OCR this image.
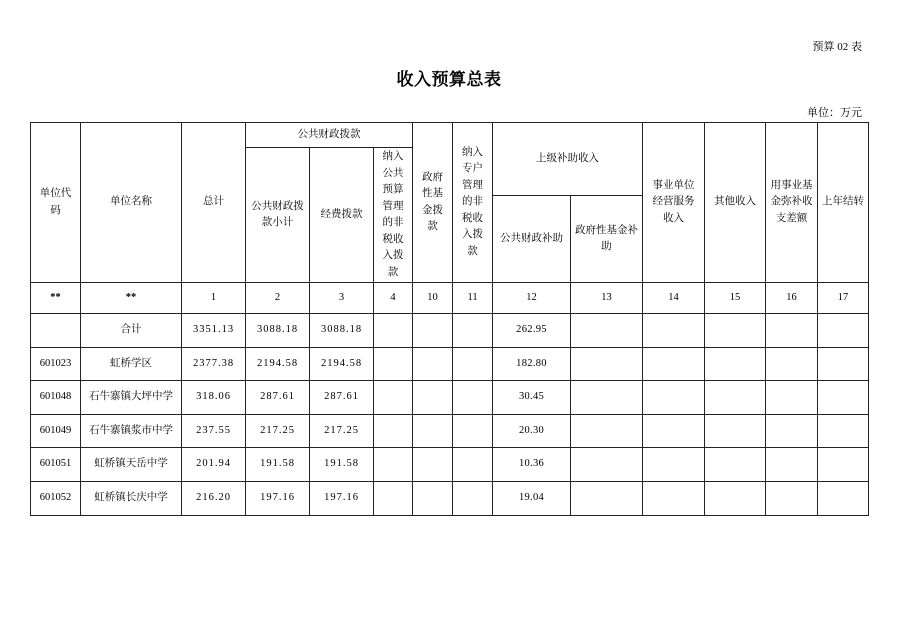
预算 02 表
收入预算总表
单位：万元
单位代码	单位名称	总计	公共财政拨款			政府性基金拨款	纳入专户管理的非税收入拨款	上级补助收入		事业单位经营服务收入	其他收入	用事业基金弥补收支差额	上年结转
			公共财政拨款小计	经费拨款	纳入公共预算管理的非税收入拨款								
								公共财政补助	政府性基金补助				
**	**	1	2	3	4	10	11	12	13	14	15	16	17
	合计	3351.13	3088.18	3088.18				262.95					
601023	虹桥学区	2377.38	2194.58	2194.58				182.80					
601048	石牛寨镇大坪中学	318.06	287.61	287.61				30.45					
601049	石牛寨镇浆市中学	237.55	217.25	217.25				20.30					
601051	虹桥镇天岳中学	201.94	191.58	191.58				10.36					
601052	虹桥镇长庆中学	216.20	197.16	197.16				19.04					
